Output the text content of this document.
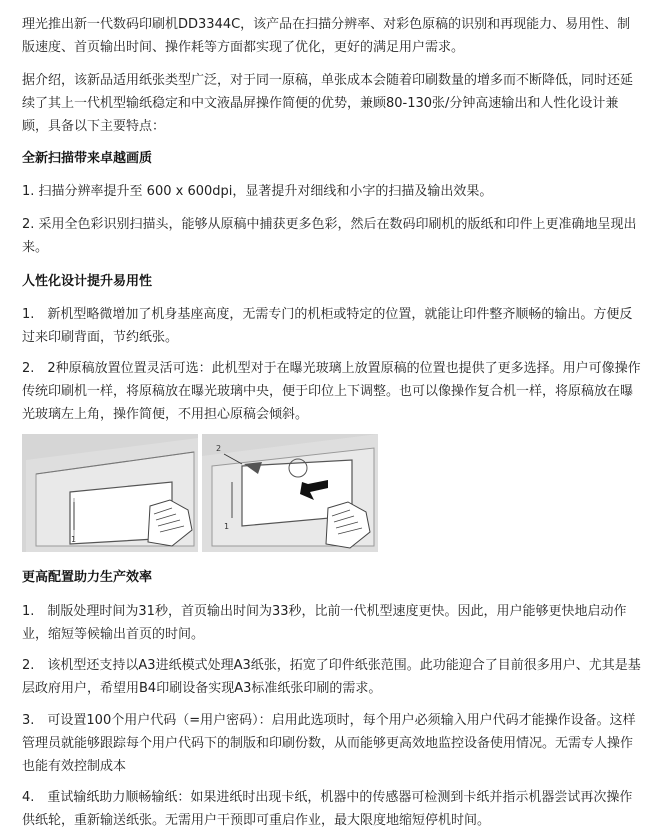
理光推出新一代数码印刷机DD3344C，该产品在扫描分辨率、对彩色原稿的识别和再现能力、易用性、制版速度、首页输出时间、操作耗等方面都实现了优化，更好的满足用户需求。

据介绍，该新品适用纸张类型广泛，对于同一原稿，单张成本会随着印刷数量的增多而不断降低，同时还延续了其上一代机型输纸稳定和中文液晶屏操作简便的优势，兼顾80-130张/分钟高速输出和人性化设计兼顾，具备以下主要特点：

全新扫描带来卓越画质

1. 扫描分辨率提升至 600 x 600dpi，显著提升对细线和小字的扫描及输出效果。

2. 采用全色彩识别扫描头，能够从原稿中捕获更多色彩，然后在数码印刷机的版纸和印件上更准确地呈现出来。

人性化设计提升易用性

1.　新机型略微增加了机身基座高度，无需专门的机柜或特定的位置，就能让印件整齐顺畅的输出。方便反过来印刷背面，节约纸张。

2.　2种原稿放置位置灵活可选：此机型对于在曝光玻璃上放置原稿的位置也提供了更多选择。用户可像操作传统印刷机一样，将原稿放在曝光玻璃中央，便于印位上下调整。也可以像操作复合机一样，将原稿放在曝光玻璃左上角，操作简便，不用担心原稿会倾斜。

1
2
1

更高配置助力生产效率

1.　制版处理时间为31秒，首页输出时间为33秒，比前一代机型速度更快。因此，用户能够更快地启动作业，缩短等候输出首页的时间。

2.　该机型还支持以A3进纸模式处理A3纸张，拓宽了印件纸张范围。此功能迎合了目前很多用户、尤其是基层政府用户，希望用B4印刷设备实现A3标准纸张印刷的需求。

3.　可设置100个用户代码（=用户密码）：启用此选项时，每个用户必须输入用户代码才能操作设备。这样管理员就能够跟踪每个用户代码下的制版和印刷份数，从而能够更高效地监控设备使用情况。无需专人操作也能有效控制成本

4.　重试输纸助力顺畅输纸：如果进纸时出现卡纸，机器中的传感器可检测到卡纸并指示机器尝试再次操作供纸轮，重新输送纸张。无需用户干预即可重启作业，最大限度地缩短停机时间。
